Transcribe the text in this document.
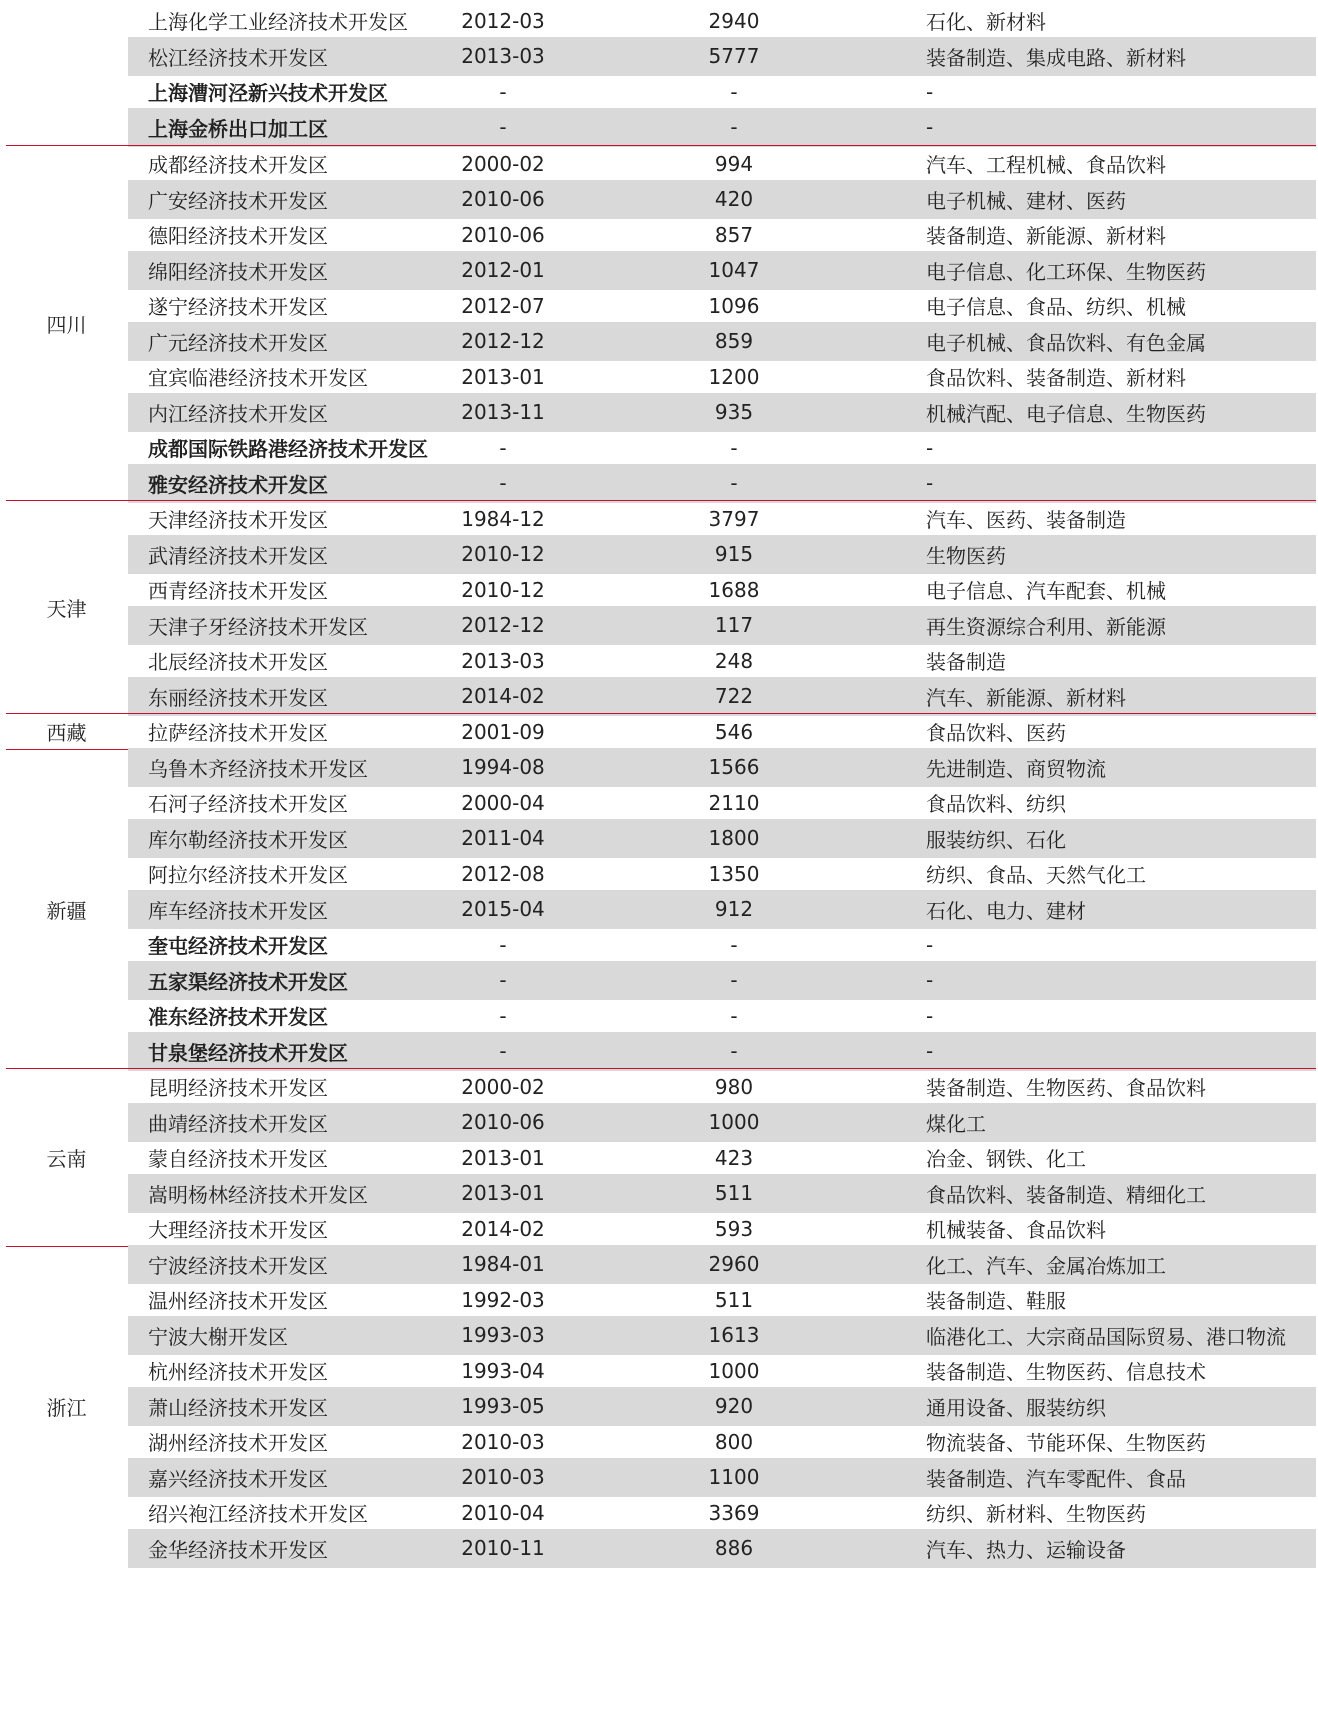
上海化学工业经济技术开发区	2012-03	2940	石化、新材料
松江经济技术开发区	2013-03	5777	装备制造、集成电路、新材料
上海漕河泾新兴技术开发区	-	-	-
上海金桥出口加工区	-	-	-
四川
成都经济技术开发区	2000-02	994	汽车、工程机械、食品饮料
广安经济技术开发区	2010-06	420	电子机械、建材、医药
德阳经济技术开发区	2010-06	857	装备制造、新能源、新材料
绵阳经济技术开发区	2012-01	1047	电子信息、化工环保、生物医药
遂宁经济技术开发区	2012-07	1096	电子信息、食品、纺织、机械
广元经济技术开发区	2012-12	859	电子机械、食品饮料、有色金属
宜宾临港经济技术开发区	2013-01	1200	食品饮料、装备制造、新材料
内江经济技术开发区	2013-11	935	机械汽配、电子信息、生物医药
成都国际铁路港经济技术开发区	-	-	-
雅安经济技术开发区	-	-	-
天津
天津经济技术开发区	1984-12	3797	汽车、医药、装备制造
武清经济技术开发区	2010-12	915	生物医药
西青经济技术开发区	2010-12	1688	电子信息、汽车配套、机械
天津子牙经济技术开发区	2012-12	117	再生资源综合利用、新能源
北辰经济技术开发区	2013-03	248	装备制造
东丽经济技术开发区	2014-02	722	汽车、新能源、新材料
西藏	拉萨经济技术开发区	2001-09	546	食品饮料、医药
新疆
乌鲁木齐经济技术开发区	1994-08	1566	先进制造、商贸物流
石河子经济技术开发区	2000-04	2110	食品饮料、纺织
库尔勒经济技术开发区	2011-04	1800	服装纺织、石化
阿拉尔经济技术开发区	2012-08	1350	纺织、食品、天然气化工
库车经济技术开发区	2015-04	912	石化、电力、建材
奎屯经济技术开发区	-	-	-
五家渠经济技术开发区	-	-	-
准东经济技术开发区	-	-	-
甘泉堡经济技术开发区	-	-	-
云南
昆明经济技术开发区	2000-02	980	装备制造、生物医药、食品饮料
曲靖经济技术开发区	2010-06	1000	煤化工
蒙自经济技术开发区	2013-01	423	冶金、钢铁、化工
嵩明杨林经济技术开发区	2013-01	511	食品饮料、装备制造、精细化工
大理经济技术开发区	2014-02	593	机械装备、食品饮料
浙江
宁波经济技术开发区	1984-01	2960	化工、汽车、金属冶炼加工
温州经济技术开发区	1992-03	511	装备制造、鞋服
宁波大榭开发区	1993-03	1613	临港化工、大宗商品国际贸易、港口物流
杭州经济技术开发区	1993-04	1000	装备制造、生物医药、信息技术
萧山经济技术开发区	1993-05	920	通用设备、服装纺织
湖州经济技术开发区	2010-03	800	物流装备、节能环保、生物医药
嘉兴经济技术开发区	2010-03	1100	装备制造、汽车零配件、食品
绍兴袍江经济技术开发区	2010-04	3369	纺织、新材料、生物医药
金华经济技术开发区	2010-11	886	汽车、热力、运输设备
